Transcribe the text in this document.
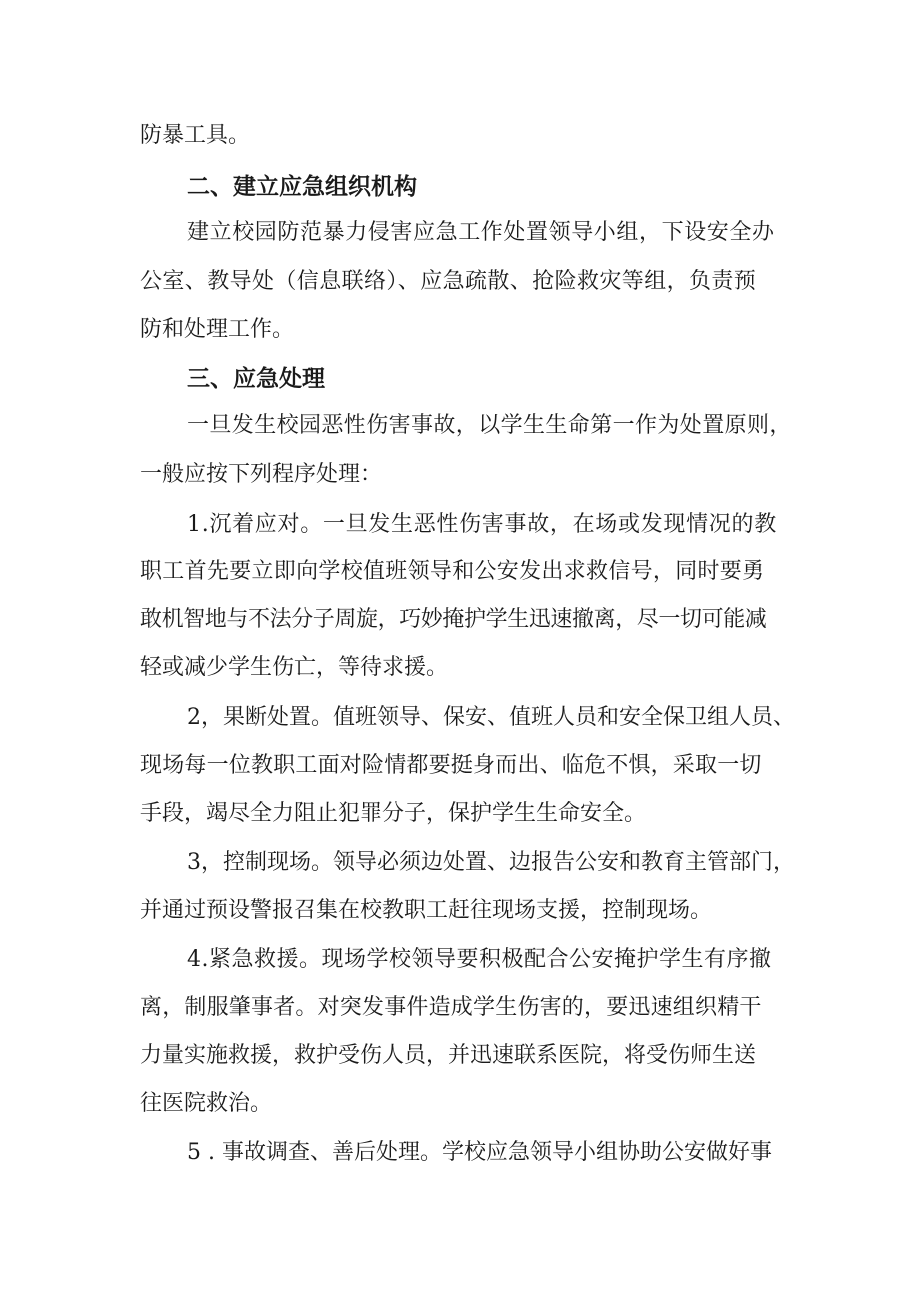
防暴工具。
二、建立应急组织机构
建立校园防范暴力侵害应急工作处置领导小组，下设安全办
公室、教导处（信息联络）、应急疏散、抢险救灾等组，负责预
防和处理工作。
三、应急处理
一旦发生校园恶性伤害事故，以学生生命第一作为处置原则，
一般应按下列程序处理：
1.沉着应对。一旦发生恶性伤害事故，在场或发现情况的教
职工首先要立即向学校值班领导和公安发出求救信号，同时要勇
敢机智地与不法分子周旋，巧妙掩护学生迅速撤离，尽一切可能减
轻或减少学生伤亡，等待求援。
2，果断处置。值班领导、保安、值班人员和安全保卫组人员、
现场每一位教职工面对险情都要挺身而出、临危不惧，采取一切
手段，竭尽全力阻止犯罪分子，保护学生生命安全。
3，控制现场。领导必须边处置、边报告公安和教育主管部门，
并通过预设警报召集在校教职工赶往现场支援，控制现场。
4.紧急救援。现场学校领导要积极配合公安掩护学生有序撤
离，制服肇事者。对突发事件造成学生伤害的，要迅速组织精干
力量实施救援，救护受伤人员，并迅速联系医院，将受伤师生送
往医院救治。
5 . 事故调查、善后处理。学校应急领导小组协助公安做好事
